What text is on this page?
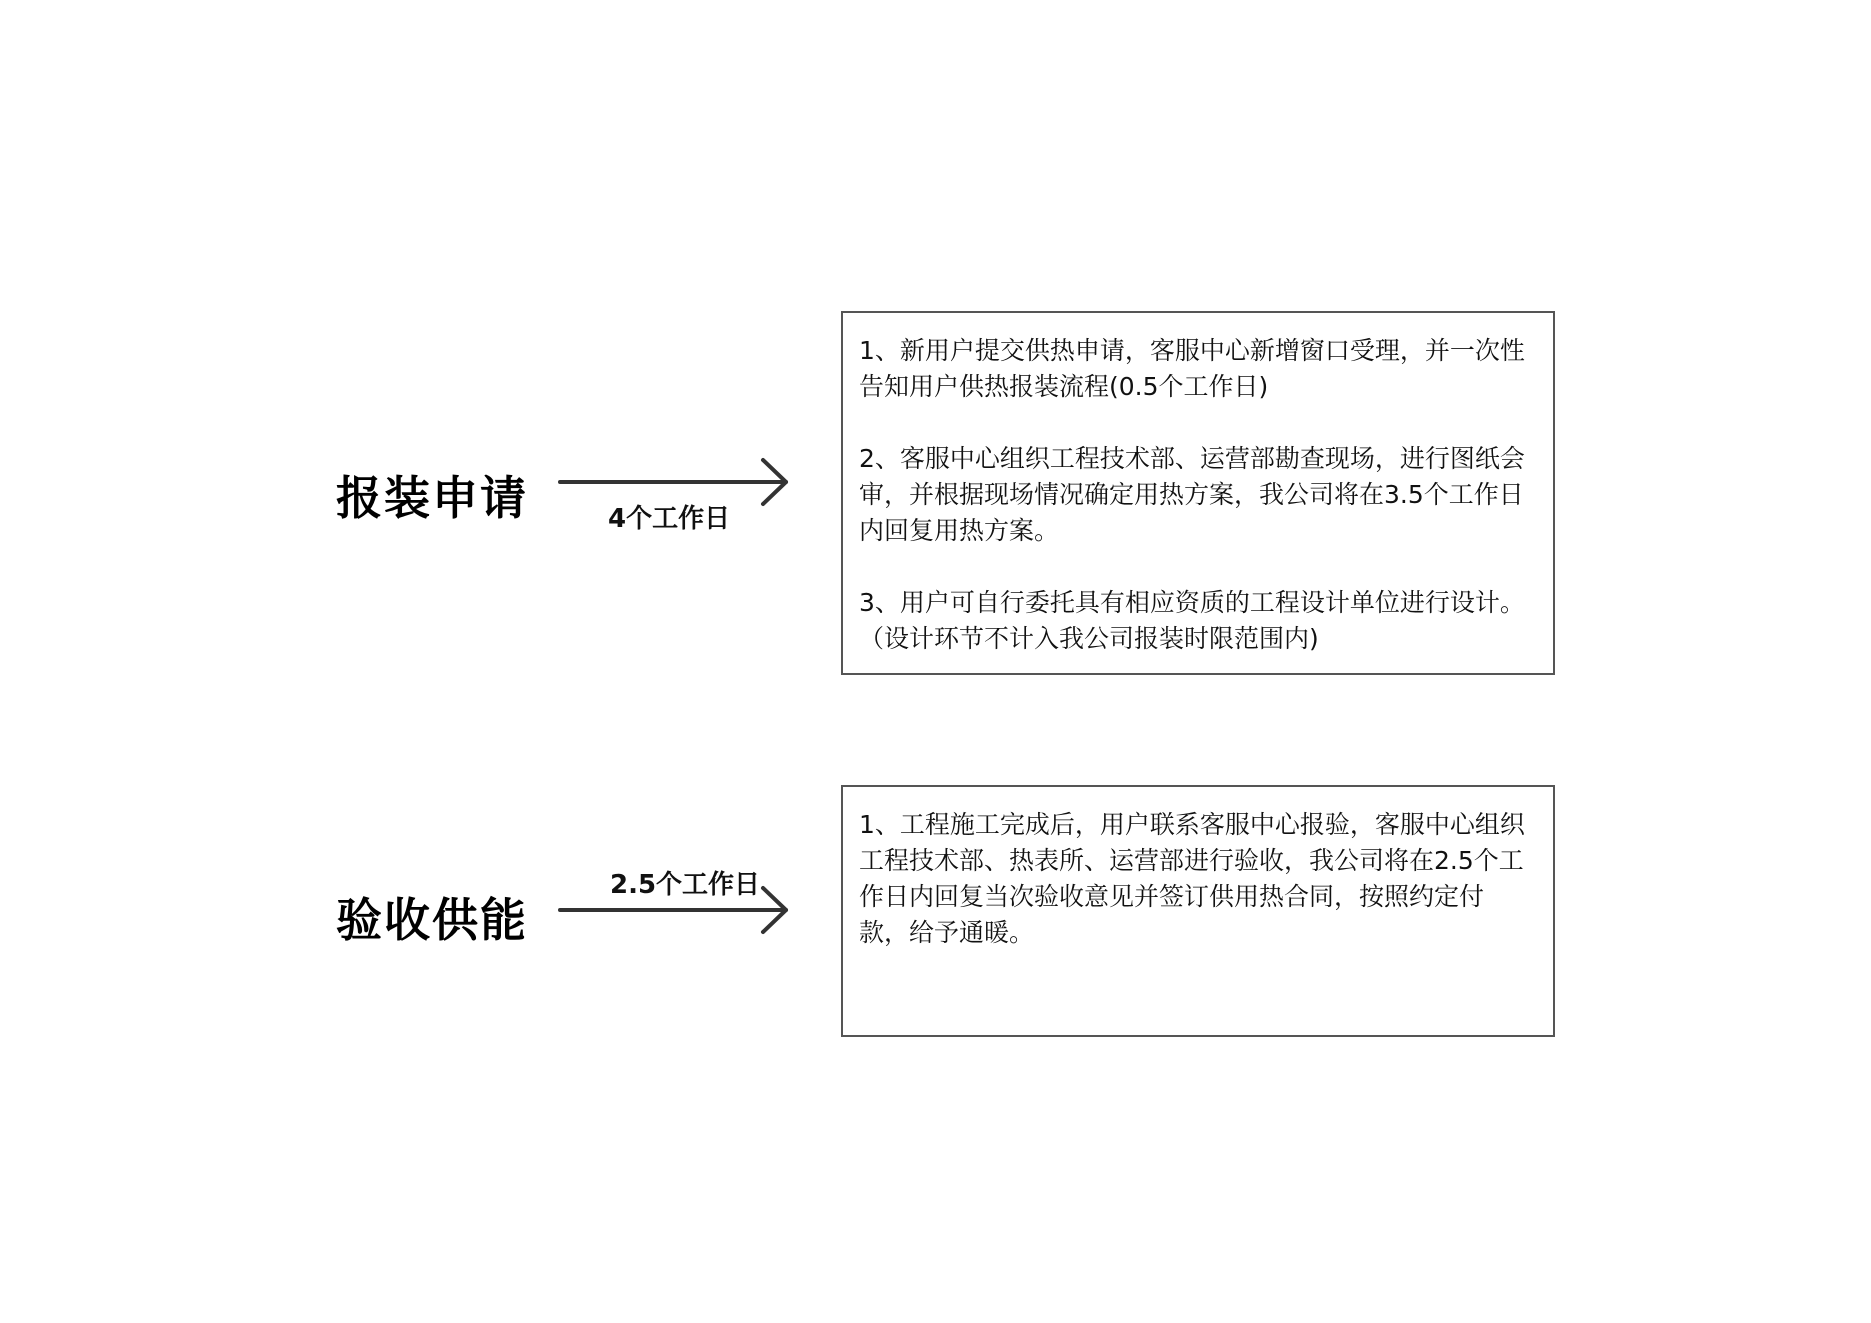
报装申请	4个工作日
1、新用户提交供热申请，客服中心新增窗口受理，并一次性告知用户供热报装流程(0.5个工作日)
2、客服中心组织工程技术部、运营部勘查现场，进行图纸会审，并根据现场情况确定用热方案，我公司将在3.5个工作日内回复用热方案。
3、用户可自行委托具有相应资质的工程设计单位进行设计。（设计环节不计入我公司报装时限范围内)
验收供能
2.5个工作日
1、工程施工完成后，用户联系客服中心报验，客服中心组织工程技术部、热表所、运营部进行验收，我公司将在2.5个工 作日内回复当次验收意见并签订供用热合同，按照约定付款，给予通暖。
